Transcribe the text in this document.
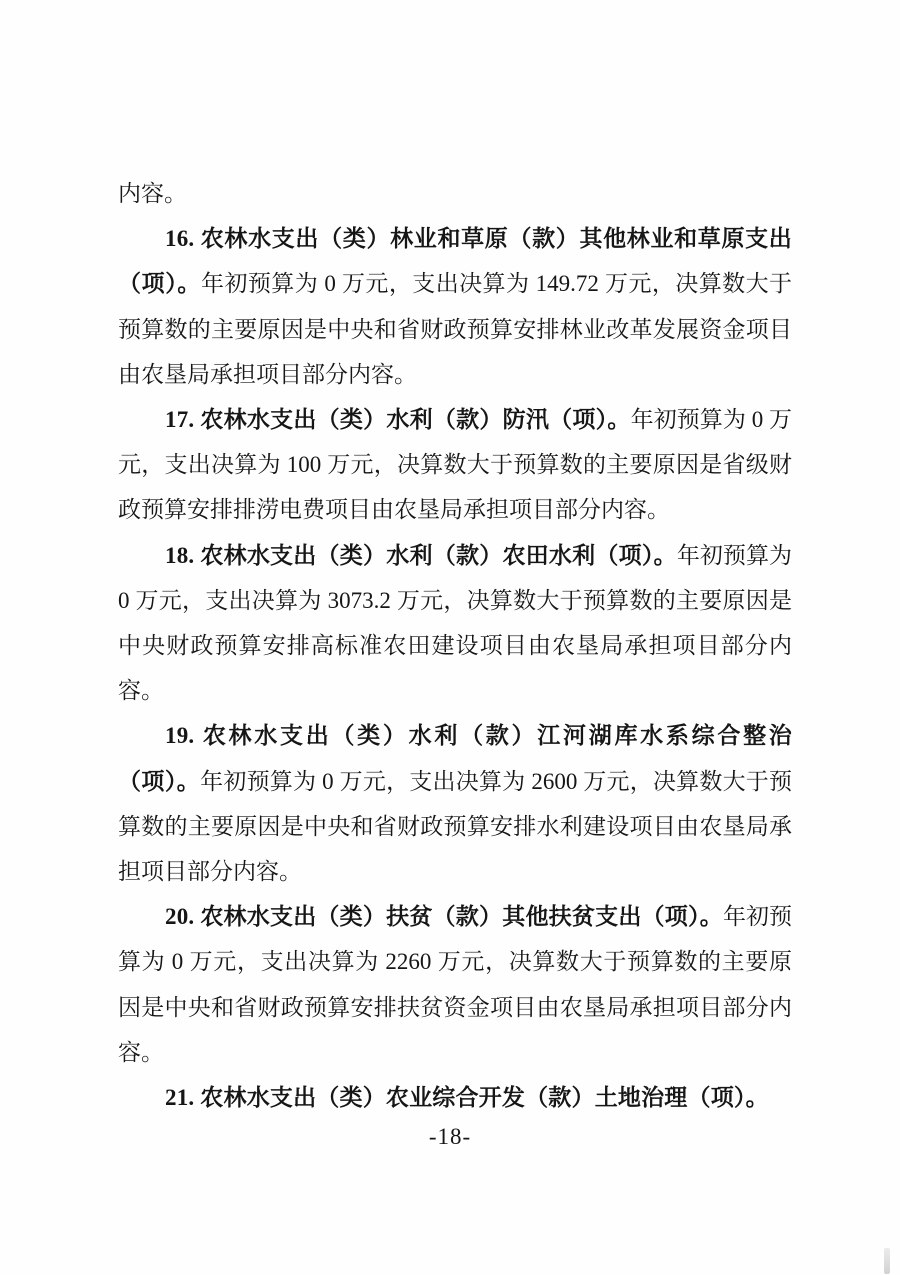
内容。

16. 农林水支出（类）林业和草原（款）其他林业和草原支出（项）。年初预算为 0 万元，支出决算为 149.72 万元，决算数大于预算数的主要原因是中央和省财政预算安排林业改革发展资金项目由农垦局承担项目部分内容。

17. 农林水支出（类）水利（款）防汛（项）。年初预算为 0 万元，支出决算为 100 万元，决算数大于预算数的主要原因是省级财政预算安排排涝电费项目由农垦局承担项目部分内容。

18. 农林水支出（类）水利（款）农田水利（项）。年初预算为 0 万元，支出决算为 3073.2 万元，决算数大于预算数的主要原因是中央财政预算安排高标准农田建设项目由农垦局承担项目部分内容。

19. 农林水支出（类）水利（款）江河湖库水系综合整治（项）。年初预算为 0 万元，支出决算为 2600 万元，决算数大于预算数的主要原因是中央和省财政预算安排水利建设项目由农垦局承担项目部分内容。

20. 农林水支出（类）扶贫（款）其他扶贫支出（项）。年初预算为 0 万元，支出决算为 2260 万元，决算数大于预算数的主要原因是中央和省财政预算安排扶贫资金项目由农垦局承担项目部分内容。

21. 农林水支出（类）农业综合开发（款）土地治理（项）。

-18-
